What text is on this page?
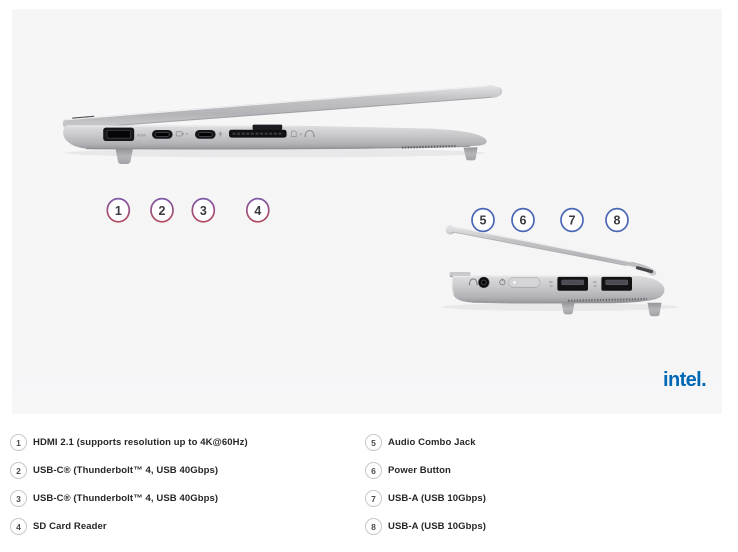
HDMI
1	2	3	4
SS
10
SS
10
5	6	7	8
intel.
1	HDMI 2.1 (supports resolution up to 4K@60Hz)
2	USB-C® (Thunderbolt™ 4, USB 40Gbps)
3	USB-C® (Thunderbolt™ 4, USB 40Gbps)
4	SD Card Reader
5	Audio Combo Jack
6	Power Button
7	USB-A (USB 10Gbps)
8	USB-A (USB 10Gbps)
